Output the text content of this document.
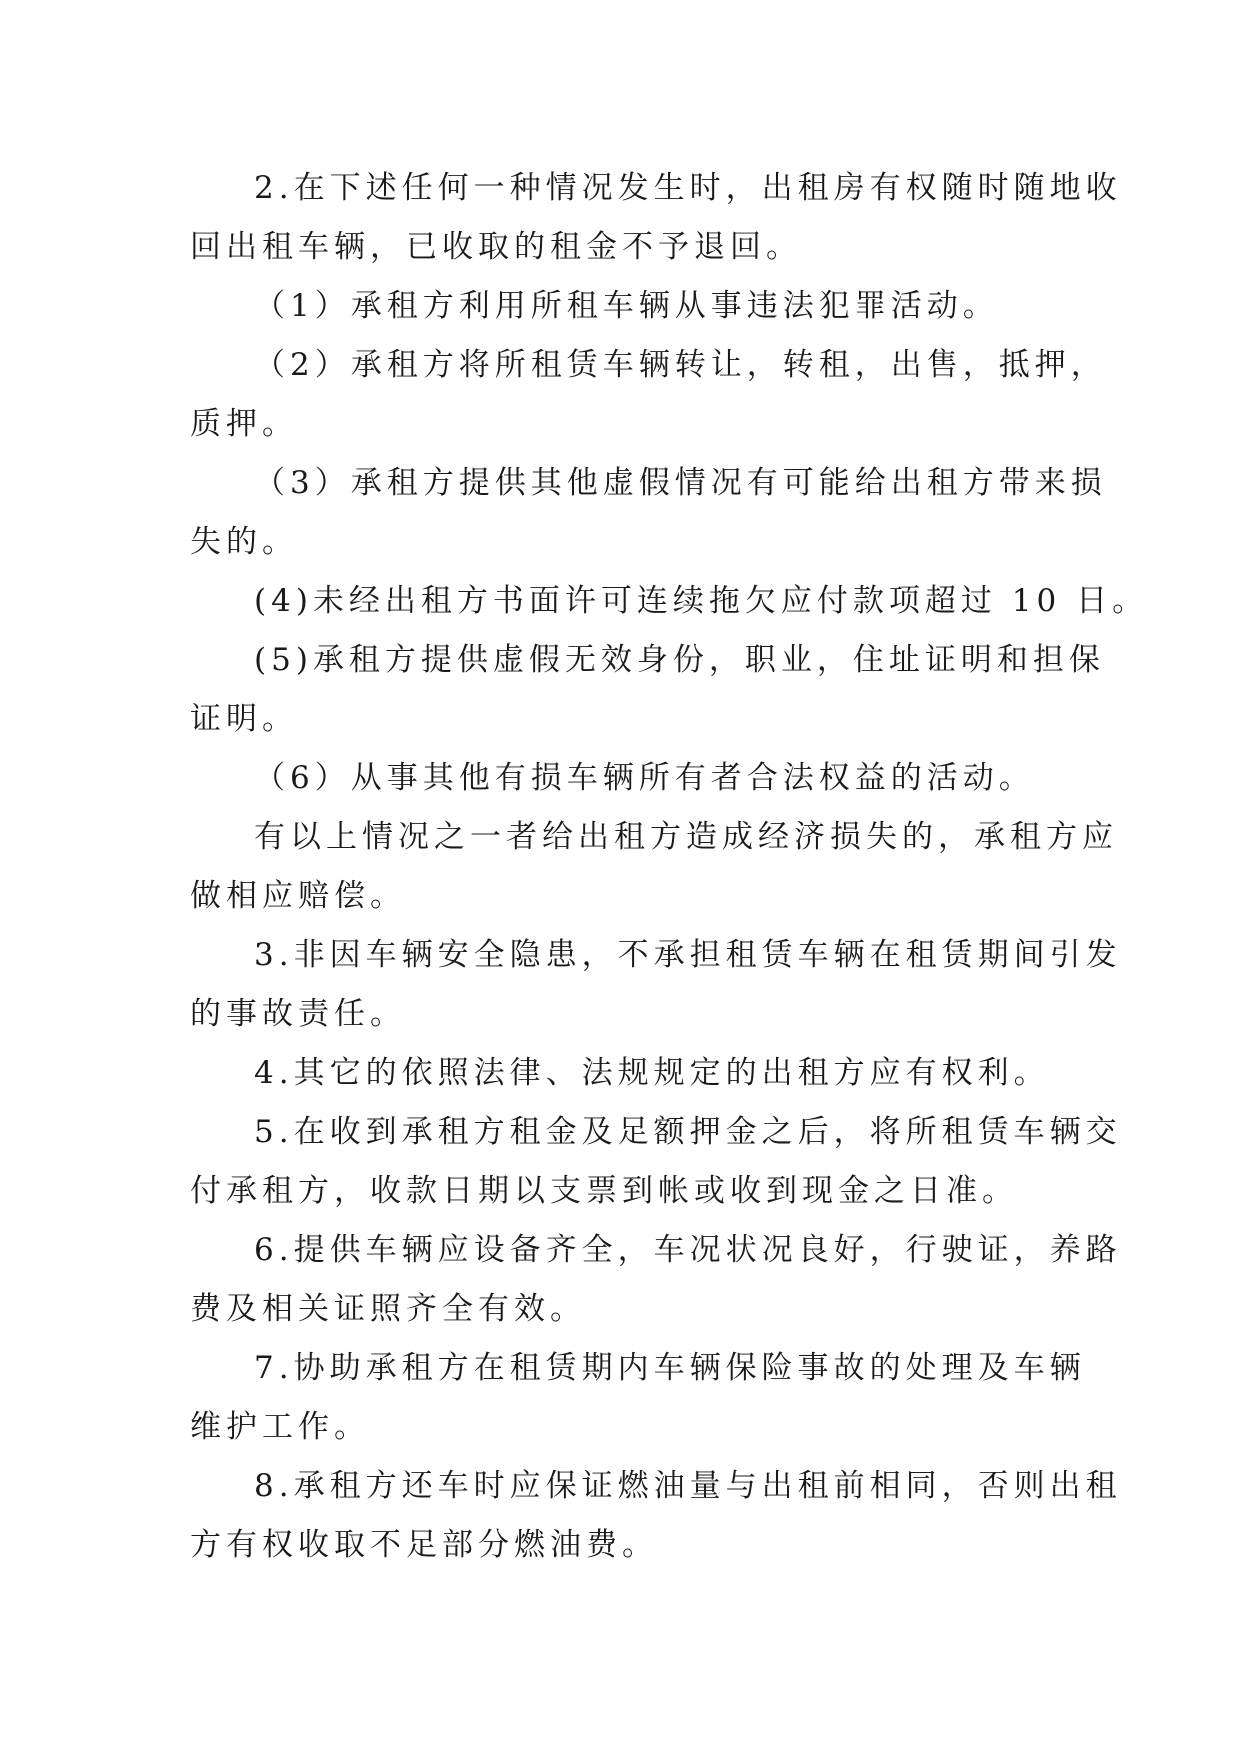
2.在下述任何一种情况发生时，出租房有权随时随地收
回出租车辆，已收取的租金不予退回。
（1）承租方利用所租车辆从事违法犯罪活动。
（2）承租方将所租赁车辆转让，转租，出售，抵押，
质押。
（3）承租方提供其他虚假情况有可能给出租方带来损
失的。
(4)未经出租方书面许可连续拖欠应付款项超过 10 日。
(5)承租方提供虚假无效身份，职业，住址证明和担保
证明。
（6）从事其他有损车辆所有者合法权益的活动。
有以上情况之一者给出租方造成经济损失的，承租方应
做相应赔偿。
3.非因车辆安全隐患，不承担租赁车辆在租赁期间引发
的事故责任。
4.其它的依照法律、法规规定的出租方应有权利。
5.在收到承租方租金及足额押金之后，将所租赁车辆交
付承租方，收款日期以支票到帐或收到现金之日准。
6.提供车辆应设备齐全，车况状况良好，行驶证，养路
费及相关证照齐全有效。
7.协助承租方在租赁期内车辆保险事故的处理及车辆
维护工作。
8.承租方还车时应保证燃油量与出租前相同，否则出租
方有权收取不足部分燃油费。
